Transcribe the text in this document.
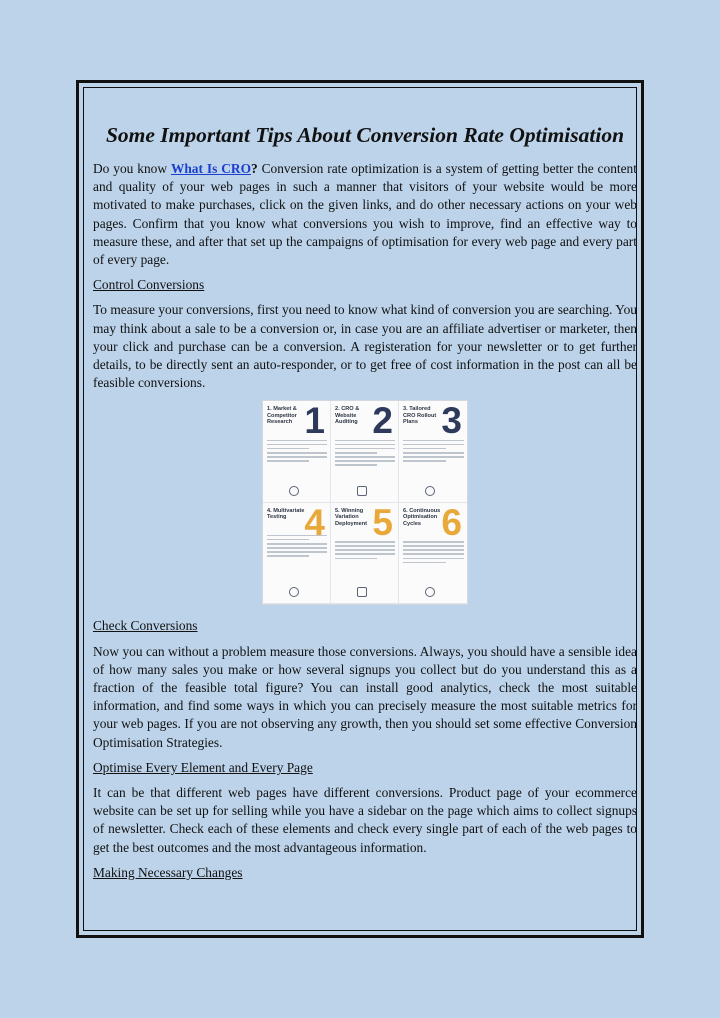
Some Important Tips About Conversion Rate Optimisation

Do you know What Is CRO? Conversion rate optimization is a system of getting better the content and quality of your web pages in such a manner that visitors of your website would be more motivated to make purchases, click on the given links, and do other necessary actions on your web pages. Confirm that you know what conversions you wish to improve, find an effective way to measure these, and after that set up the campaigns of optimisation for every web page and every part of every page.

Control Conversions

To measure your conversions, first you need to know what kind of conversion you are searching. You may think about a sale to be a conversion or, in case you are an affiliate advertiser or marketer, then your click and purchase can be a conversion. A registeration for your newsletter or to get further details, to be directly sent an auto-responder, or to get free of cost information in the post can all be feasible conversions.

1
1. Market & Competitor Research	2
2. CRO & Website Auditing	3
3. Tailored CRO Rollout Plans
4
4. Multivariate Testing	5
5. Winning Variation Deployment 6
6. Continuous Optimisation Cycles
Check Conversions

Now you can without a problem measure those conversions. Always, you should have a sensible idea of how many sales you make or how several signups you collect but do you understand this as a fraction of the feasible total figure? You can install good analytics, check the most suitable information, and find some ways in which you can precisely measure the most suitable metrics for your web pages. If you are not observing any growth, then you should set some effective Conversion Optimisation Strategies.

Optimise Every Element and Every Page

It can be that different web pages have different conversions. Product page of your ecommerce website can be set up for selling while you have a sidebar on the page which aims to collect signups of newsletter. Check each of these elements and check every single part of each of the web pages to get the best outcomes and the most advantageous information.

Making Necessary Changes
